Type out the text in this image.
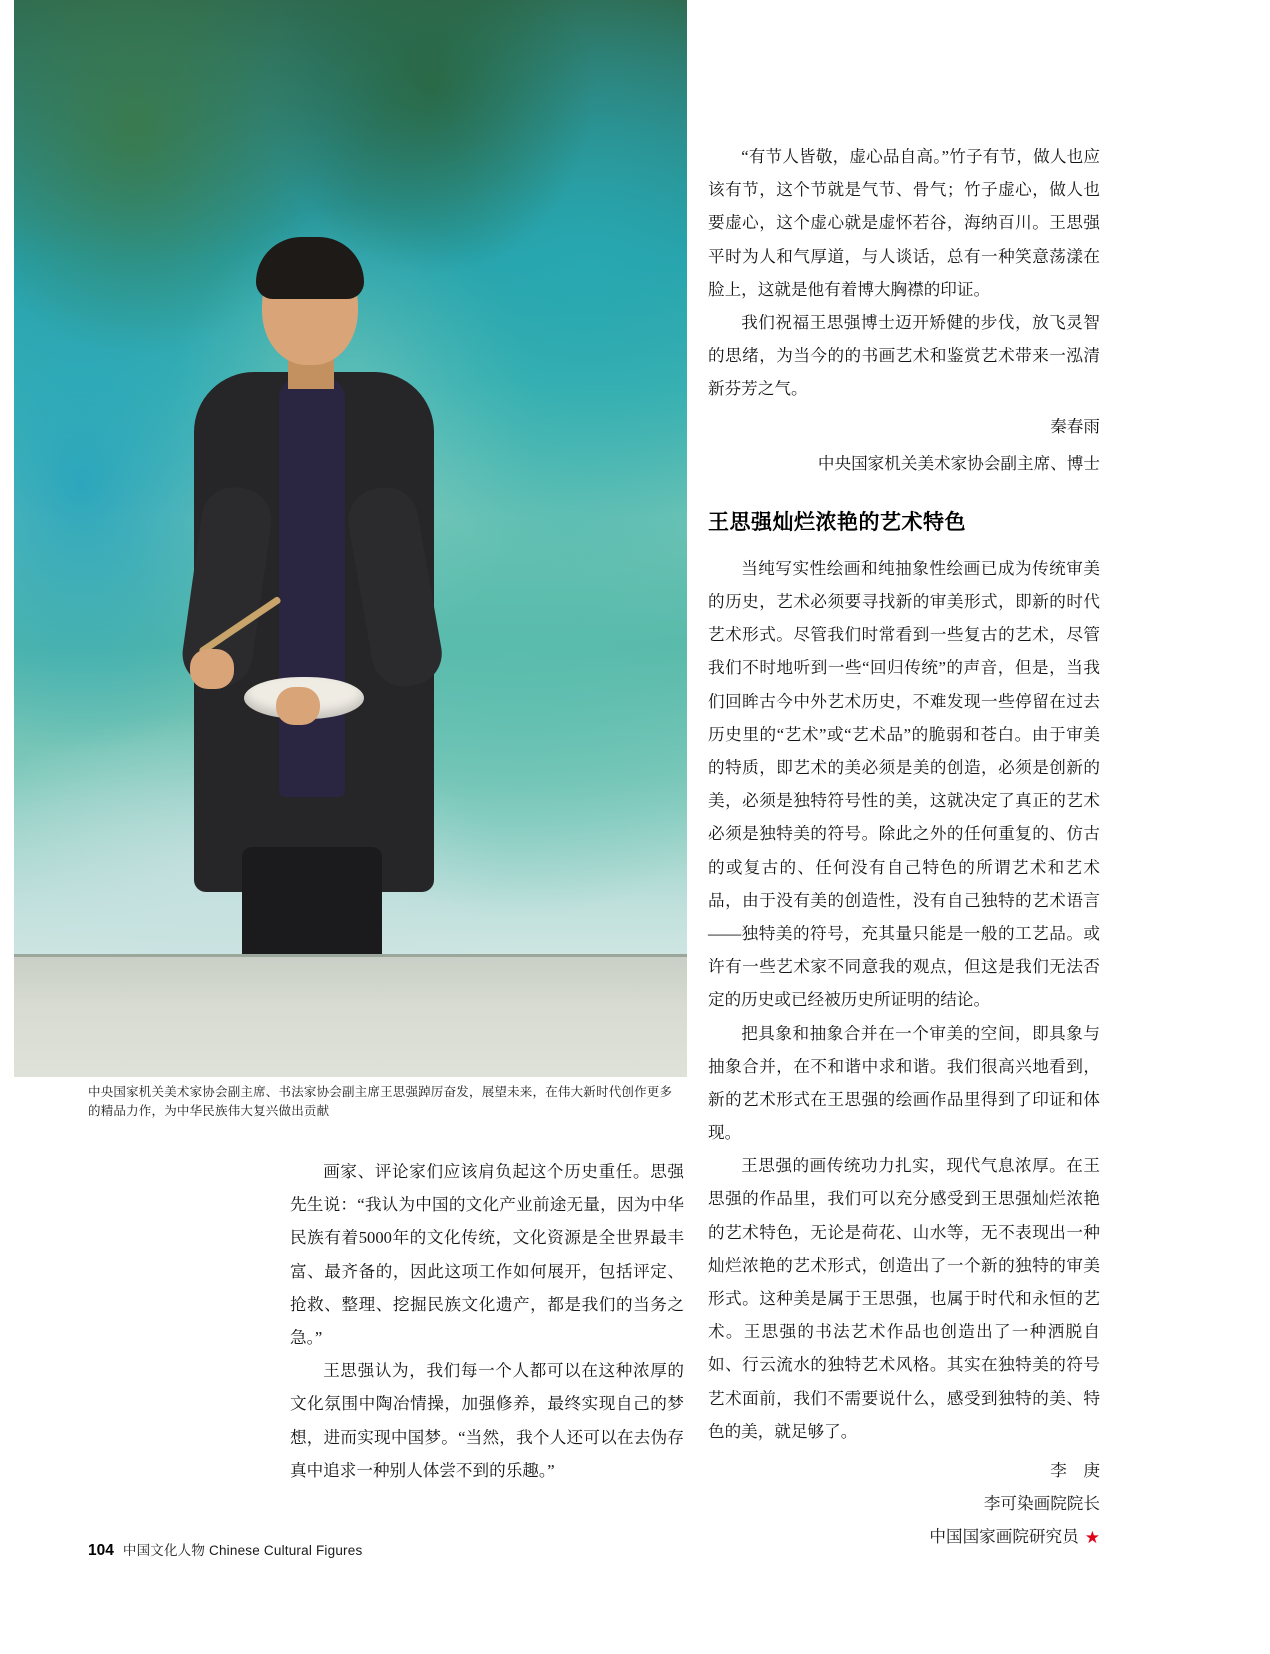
中央国家机关美术家协会副主席、书法家协会副主席王思强踔厉奋发，展望未来，在伟大新时代创作更多的精品力作，为中华民族伟大复兴做出贡献

画家、评论家们应该肩负起这个历史重任。思强先生说：“我认为中国的文化产业前途无量，因为中华民族有着5000年的文化传统，文化资源是全世界最丰富、最齐备的，因此这项工作如何展开，包括评定、抢救、整理、挖掘民族文化遗产，都是我们的当务之急。”

王思强认为，我们每一个人都可以在这种浓厚的文化氛围中陶冶情操，加强修养，最终实现自己的梦想，进而实现中国梦。“当然，我个人还可以在去伪存真中追求一种别人体尝不到的乐趣。”

“有节人皆敬，虚心品自高。”竹子有节，做人也应该有节，这个节就是气节、骨气；竹子虚心，做人也要虚心，这个虚心就是虚怀若谷，海纳百川。王思强平时为人和气厚道，与人谈话，总有一种笑意荡漾在脸上，这就是他有着博大胸襟的印证。

我们祝福王思强博士迈开矫健的步伐，放飞灵智的思绪，为当今的的书画艺术和鉴赏艺术带来一泓清新芬芳之气。

秦春雨
中央国家机关美术家协会副主席、博士
王思强灿烂浓艳的艺术特色

当纯写实性绘画和纯抽象性绘画已成为传统审美的历史，艺术必须要寻找新的审美形式，即新的时代艺术形式。尽管我们时常看到一些复古的艺术，尽管我们不时地听到一些“回归传统”的声音，但是，当我们回眸古今中外艺术历史，不难发现一些停留在过去历史里的“艺术”或“艺术品”的脆弱和苍白。由于审美的特质，即艺术的美必须是美的创造，必须是创新的美，必须是独特符号性的美，这就决定了真正的艺术必须是独特美的符号。除此之外的任何重复的、仿古的或复古的、任何没有自己特色的所谓艺术和艺术品，由于没有美的创造性，没有自己独特的艺术语言——独特美的符号，充其量只能是一般的工艺品。或许有一些艺术家不同意我的观点，但这是我们无法否定的历史或已经被历史所证明的结论。

把具象和抽象合并在一个审美的空间，即具象与抽象合并，在不和谐中求和谐。我们很高兴地看到，新的艺术形式在王思强的绘画作品里得到了印证和体现。

王思强的画传统功力扎实，现代气息浓厚。在王思强的作品里，我们可以充分感受到王思强灿烂浓艳的艺术特色，无论是荷花、山水等，无不表现出一种灿烂浓艳的艺术形式，创造出了一个新的独特的审美形式。这种美是属于王思强，也属于时代和永恒的艺术。王思强的书法艺术作品也创造出了一种洒脱自如、行云流水的独特艺术风格。其实在独特美的符号艺术面前，我们不需要说什么，感受到独特的美、特色的美，就足够了。

李　庚
李可染画院院长
中国国家画院研究员 ★
104 中国文化人物 Chinese Cultural Figures
